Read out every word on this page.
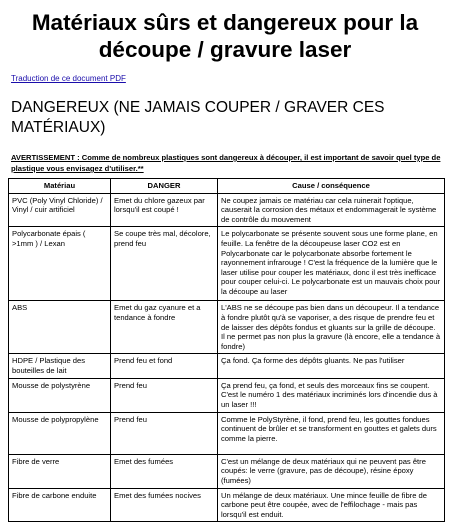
Matériaux sûrs et dangereux pour la découpe / gravure laser
Traduction de ce document PDF
DANGEREUX (NE JAMAIS COUPER / GRAVER CES MATÉRIAUX)

AVERTISSEMENT : Comme de nombreux plastiques sont dangereux à découper, il est important de savoir quel type de plastique vous envisagez d'utiliser.**

Matériau	DANGER	Cause / conséquence
PVC (Poly Vinyl Chloride) / Vinyl / cuir artificiel	Emet du chlore gazeux par lorsqu'il est coupé !	Ne coupez jamais ce matériau car cela ruinerait l'optique, causerait la corrosion des métaux et endommagerait le système de contrôle du mouvement
Polycarbonate épais ( >1mm ) / Lexan	Se coupe très mal, décolore, prend feu	Le polycarbonate se présente souvent sous une forme plane, en feuille. La fenêtre de la découpeuse laser CO2 est en Polycarbonate car le polycarbonate absorbe fortement le rayonnement infrarouge ! C'est la fréquence de la lumière que le laser utilise pour couper les matériaux, donc il est très inefficace pour couper celui-ci. Le polycarbonate est un mauvais choix pour la découpe au laser
ABS	Emet du gaz cyanure et a tendance à fondre	L'ABS ne se découpe pas bien dans un découpeur. Il a tendance à fondre plutôt qu'à se vaporiser, a des risque de prendre feu et de laisser des dépôts fondus et gluants sur la grille de découpe. Il ne permet pas non plus la gravure (là encore, elle a tendance à fondre)
HDPE / Plastique des bouteilles de lait	Prend feu et fond	Ça fond. Ça forme des dépôts gluants. Ne pas l'utiliser
Mousse de polystyrène	Prend feu	Ça prend feu, ça fond, et seuls des morceaux fins se coupent. C'est le numéro 1 des matériaux incriminés lors d'incendie dus à un laser !!!
Mousse de polypropylène	Prend feu	Comme le PolyStyrène, il fond, prend feu, les gouttes fondues continuent de brûler et se transforment en gouttes et galets durs comme la pierre.
Fibre de verre	Emet des fumées	C'est un mélange de deux matériaux qui ne peuvent pas être coupés: le verre (gravure, pas de découpe), résine époxy (fumées)
Fibre de carbone enduite	Emet des fumées nocives	Un mélange de deux matériaux. Une mince feuille de fibre de carbone peut être coupée, avec de l'effilochage - mais pas lorsqu'il est enduit.
